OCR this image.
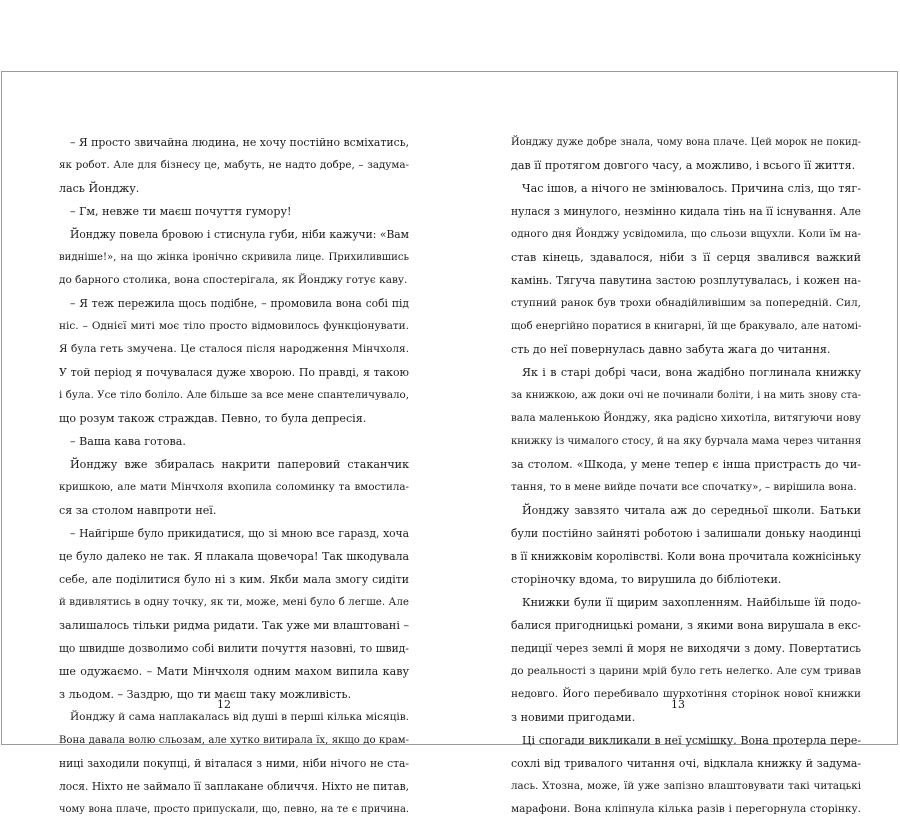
– Я просто звичайна людина, не хочу постійно всміхатись,

як робот. Але для бізнесу це, мабуть, не надто добре, – задума-

лась Йонджу.

– Гм, невже ти маєш почуття гумору!

Йонджу повела бровою і стиснула губи, ніби кажучи: «Вам

виднішe!», на що жінка іронічно скривила лице. Прихилившись

до барного столика, вона спостерігала, як Йонджу готує каву.

– Я теж пережила щось подібне, – промовила вона собі під

ніс. – Однієї миті моє тіло просто відмовилось функціонувати.

Я була геть змучена. Це сталося після народження Мінчхоля.

У той період я почувалася дуже хворою. По правді, я такою

і була. Усе тіло боліло. Але більше за все мене спантеличувало,

що розум також страждав. Певно, то була депресія.

– Ваша кава готова.

Йонджу вже збиралась накрити паперовий стаканчик

кришкою, але мати Мінчхоля вхопила соломинку та вмостила-

ся за столом навпроти неї.

– Найгірше було прикидатися, що зі мною все гаразд, хоча

це було далеко не так. Я плакала щовечора! Так шкодувала

себе, але поділитися було ні з ким. Якби мала змогу сидіти

й вдивлятись в одну точку, як ти, може, мені було б легше. Але

залишалось тільки ридма ридати. Так уже ми влаштовані –

що швидше дозволимо собі вилити почуття назовні, то швид-

ше одужаємо. – Мати Мінчхоля одним махом випила каву

з льодом. – Заздрю, що ти маєш таку можливість.

Йонджу й сама наплакалась від душі в перші кілька місяців.

Вона давала волю сльозам, але хутко витирала їх, якщо до крам-

ниці заходили покупці, й віталася з ними, ніби нічого не ста-

лося. Ніхто не займало її заплакане обличчя. Ніхто не питав,

чому вона плаче, просто припускали, що, певно, на те є причина.

12

Йонджу дуже добре знала, чому вона плаче. Цей морок не покид-

дав її протягом довгого часу, а можливо, і всього її життя.

Час ішов, а нічого не змінювалось. Причина сліз, що тяг-

нулася з минулого, незмінно кидала тінь на її існування. Але

одного дня Йонджу усвідомила, що сльози вщухли. Коли їм на-

став кінець, здавалося, ніби з її серця звалився важкий

камінь. Тягуча павутина застою розплутувалась, і кожен на-

ступний ранок був трохи обнадійливішим за попередній. Сил,

щоб енергійно поратися в книгарні, їй ще бракувало, але натомі-

сть до неї повернулась давно забута жага до читання.

Як і в старі добрі часи, вона жадібно поглинала книжку

за книжкою, аж доки очі не починали боліти, і на мить знову ста-

вала маленькою Йонджу, яка радісно хихотіла, витягуючи нову

книжку із чималого стосу, й на яку бурчала мама через читання

за столом. «Шкода, у мене тепер є інша пристрасть до чи-

тання, то в мене вийде почати все спочатку», – вирішила вона.

Йонджу завзято читала аж до середньої школи. Батьки

були постійно зайняті роботою і залишали доньку наодинці

в її книжковім королівстві. Коли вона прочитала кожнісіньку

сторіночку вдома, то вирушила до бібліотеки.

Книжки були її щирим захопленням. Найбільше їй подо-

балися пригодницькі романи, з якими вона вирушала в екс-

педиції через землі й моря не виходячи з дому. Повертатись

до реальності з царини мрій було геть нелегко. Але сум тривав

недовго. Його перебивало шурхотіння сторінок нової книжки

з новими пригодами.

Ці спогади викликали в неї усмішку. Вона протерла пере-

сохлі від тривалого читання очі, відклала книжку й задума-

лась. Хтозна, може, їй уже запізно влаштовувати такі читацькі

марафони. Вона кліпнула кілька разів і перегорнула сторінку.

13
